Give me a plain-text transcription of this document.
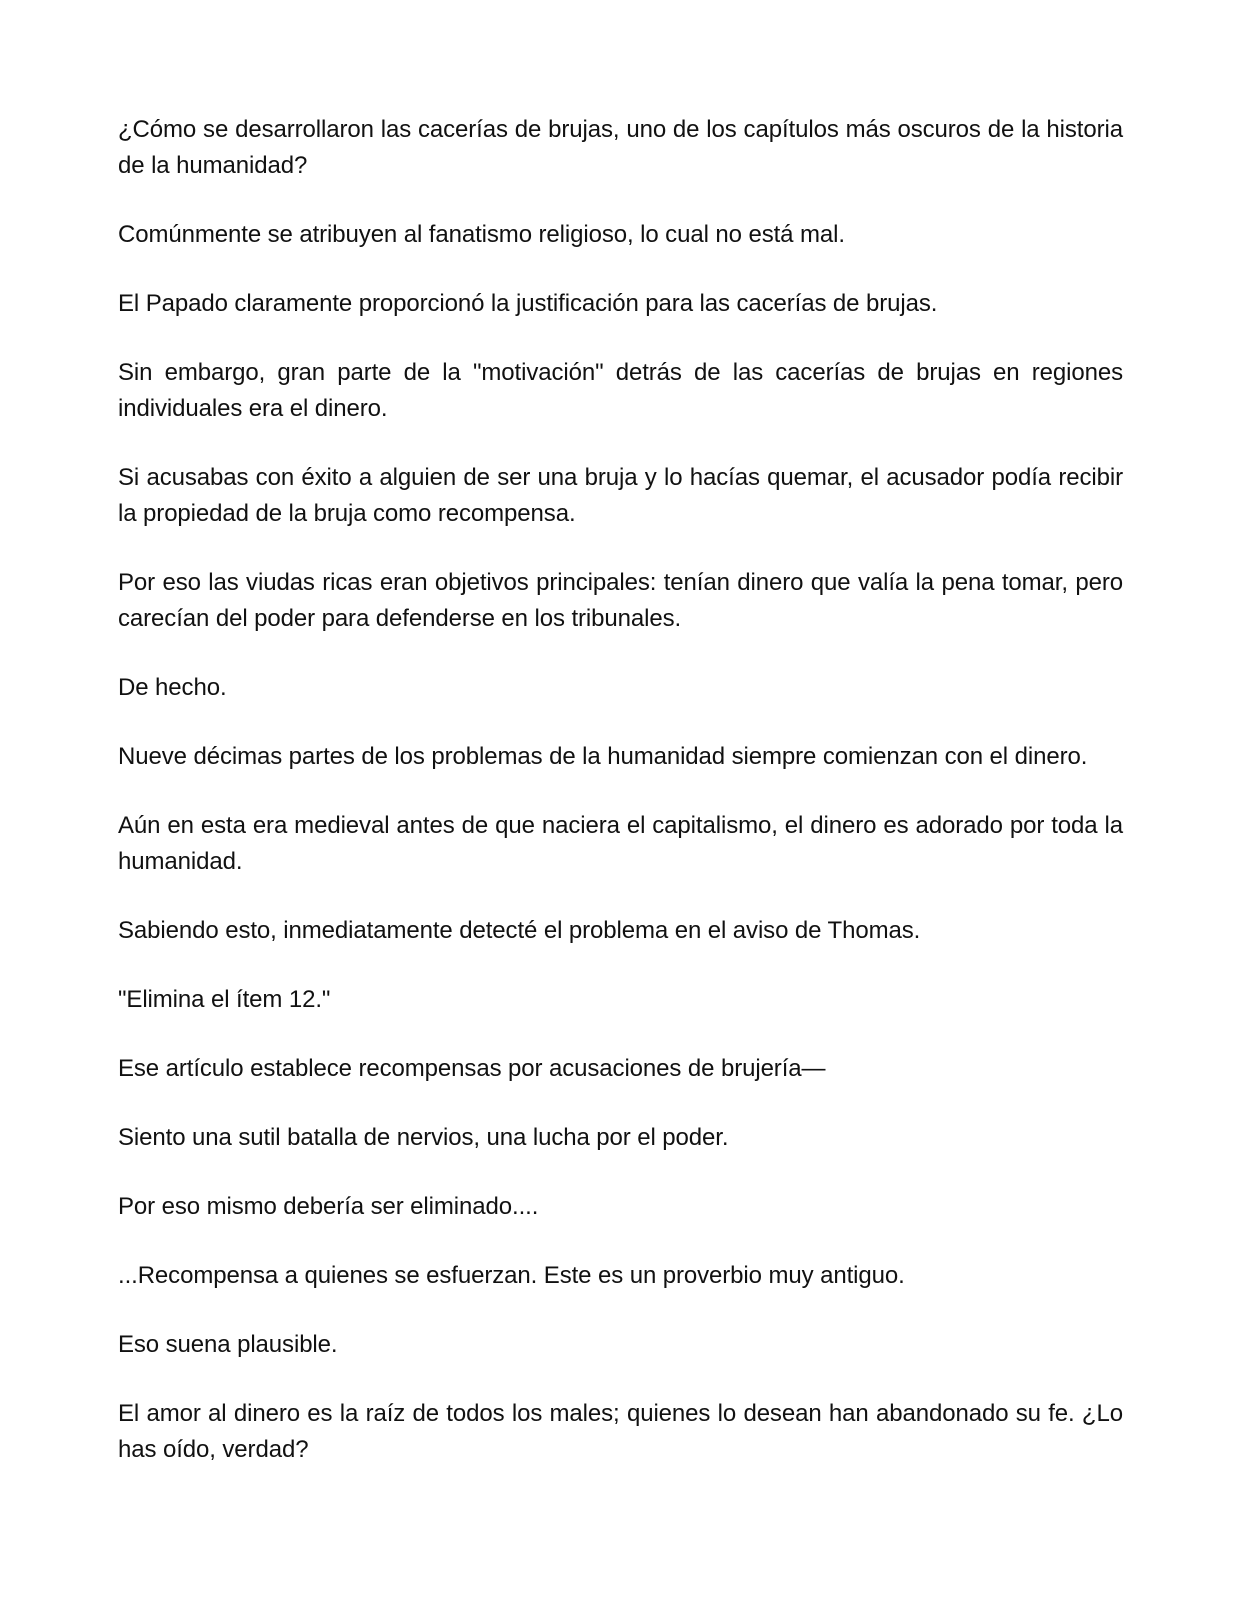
¿Cómo se desarrollaron las cacerías de brujas, uno de los capítulos más oscuros de la historia de la humanidad?

Comúnmente se atribuyen al fanatismo religioso, lo cual no está mal.

El Papado claramente proporcionó la justificación para las cacerías de brujas.

Sin embargo, gran parte de la "motivación" detrás de las cacerías de brujas en regiones individuales era el dinero.

Si acusabas con éxito a alguien de ser una bruja y lo hacías quemar, el acusador podía recibir la propiedad de la bruja como recompensa.

Por eso las viudas ricas eran objetivos principales: tenían dinero que valía la pena tomar, pero carecían del poder para defenderse en los tribunales.

De hecho.

Nueve décimas partes de los problemas de la humanidad siempre comienzan con el dinero.

Aún en esta era medieval antes de que naciera el capitalismo, el dinero es adorado por toda la humanidad.

Sabiendo esto, inmediatamente detecté el problema en el aviso de Thomas.

"Elimina el ítem 12."

Ese artículo establece recompensas por acusaciones de brujería—

Siento una sutil batalla de nervios, una lucha por el poder.

Por eso mismo debería ser eliminado....

...Recompensa a quienes se esfuerzan. Este es un proverbio muy antiguo.

Eso suena plausible.

El amor al dinero es la raíz de todos los males; quienes lo desean han abandonado su fe. ¿Lo has oído, verdad?
